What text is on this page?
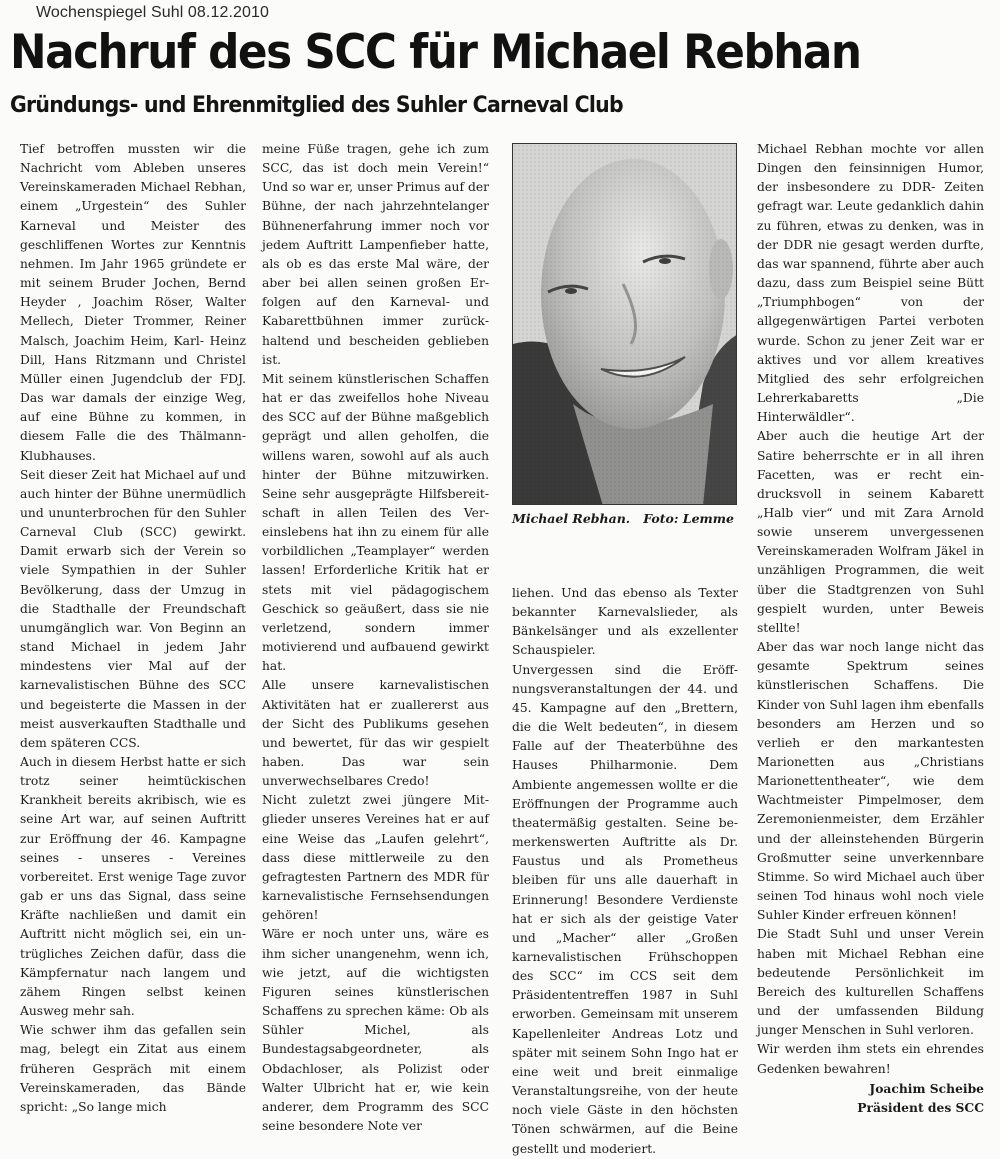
Wochenspiegel Suhl 08.12.2010
Nachruf des SCC für Michael Rebhan
Gründungs- und Ehrenmitglied des Suhler Carneval Club

Tief betroffen mussten wir die Nachricht vom Ableben unseres Vereinskameraden Michael Rebhan, einem „Urgestein“ des Suhler Karneval und Meister des geschliffenen Wortes zur Kenntnis nehmen. Im Jahr 1965 gründete er mit seinem Bruder Jochen, Bernd Heyder , Joachim Röser, Walter Mellech, Dieter Trommer, Reiner Malsch, Joachim Heim, Karl- Heinz Dill, Hans Ritzmann und Christel Müller einen Jugendclub der FDJ. Das war damals der einzige Weg, auf eine Bühne zu kommen, in diesem Falle die des Thälmann- Klubhauses.

Seit dieser Zeit hat Michael auf und auch hinter der Bühne unermüdlich und ununterbrochen für den Suhler Carneval Club (SCC) gewirkt. Damit erwarb sich der Verein so viele Sympathien in der Suhler Bevölkerung, dass der Umzug in die Stadthalle der Freundschaft unumgänglich war. Von Beginn an stand Michael in jedem Jahr mindestens vier Mal auf der karnevalistischen Bühne des SCC und begeisterte die Massen in der meist ausverkauften Stadthalle und dem späteren CCS.

Auch in diesem Herbst hatte er sich trotz seiner heimtückischen Krankheit bereits akribisch, wie es seine Art war, auf seinen Auftritt zur Eröffnung der 46. Kampagne seines - unseres - Vereines vorbereitet. Erst wenige Tage zuvor gab er uns das Signal, dass seine Kräfte nachließen und damit ein Auftritt nicht möglich sei, ein untrügliches Zeichen dafür, dass die Kämpfernatur nach langem und zähem Ringen selbst keinen Ausweg mehr sah.

Wie schwer ihm das gefallen sein mag, belegt ein Zitat aus einem früheren Gespräch mit einem Vereinskameraden, das Bände spricht: „So lange mich

meine Füße tragen, gehe ich zum SCC, das ist doch mein Verein!“ Und so war er, unser Primus auf der Bühne, der nach jahrzehntelanger Bühnenerfahrung immer noch vor jedem Auftritt Lampenfieber hatte, als ob es das erste Mal wäre, der aber bei allen seinen großen Erfolgen auf den Karneval- und Kabarettbühnen immer zurückhaltend und bescheiden geblieben ist.

Mit seinem künstlerischen Schaffen hat er das zweifellos hohe Niveau des SCC auf der Bühne maßgeblich geprägt und allen geholfen, die willens waren, sowohl auf als auch hinter der Bühne mitzuwirken. Seine sehr ausgeprägte Hilfsbereitschaft in allen Teilen des Vereinslebens hat ihn zu einem für alle vorbildlichen „Teamplayer“ werden lassen! Erforderliche Kritik hat er stets mit viel pädagogischem Geschick so geäußert, dass sie nie verletzend, sondern immer motivierend und aufbauend gewirkt hat.

Alle unsere karnevalistischen Aktivitäten hat er zuallererst aus der Sicht des Publikums gesehen und bewertet, für das wir gespielt haben. Das war sein unverwechselbares Credo!

Nicht zuletzt zwei jüngere Mitglieder unseres Vereines hat er auf eine Weise das „Laufen gelehrt“, dass diese mittlerweile zu den gefragtesten Partnern des MDR für karnevalistische Fernsehsendungen gehören!

Wäre er noch unter uns, wäre es ihm sicher unangenehm, wenn ich, wie jetzt, auf die wichtigsten Figuren seines künstlerischen Schaffens zu sprechen käme: Ob als Sühler Michel, als Bundestagsabgeordneter, als Obdachloser, als Polizist oder Walter Ulbricht hat er, wie kein anderer, dem Programm des SCC seine besondere Note ver

Michael Rebhan.   Foto: Lemme

liehen. Und das ebenso als Texter bekannter Karnevalslieder, als Bänkelsänger und als exzellenter Schauspieler.

Unvergessen sind die Eröffnungsveranstaltungen der 44. und 45. Kampagne auf den „Brettern, die die Welt bedeuten“, in diesem Falle auf der Theaterbühne des Hauses Philharmonie. Dem Ambiente angemessen wollte er die Eröffnungen der Programme auch theatermäßig gestalten. Seine bemerkenswerten Auftritte als Dr. Faustus und als Prometheus bleiben für uns alle dauerhaft in Erinnerung! Besondere Verdienste hat er sich als der geistige Vater und „Macher“ aller „Großen karnevalistischen Frühschoppen des SCC“ im CCS seit dem Präsidententreffen 1987 in Suhl erworben. Gemeinsam mit unserem Kapellenleiter Andreas Lotz und später mit seinem Sohn Ingo hat er eine weit und breit einmalige Veranstaltungsreihe, von der heute noch viele Gäste in den höchsten Tönen schwärmen, auf die Beine gestellt und moderiert.

Michael Rebhan mochte vor allen Dingen den feinsinnigen Humor, der insbesondere zu DDR- Zeiten gefragt war. Leute gedanklich dahin zu führen, etwas zu denken, was in der DDR nie gesagt werden durfte, das war spannend, führte aber auch dazu, dass zum Beispiel seine Bütt „Triumphbogen“ von der allgegenwärtigen Partei verboten wurde. Schon zu jener Zeit war er aktives und vor allem kreatives Mitglied des sehr erfolgreichen Lehrerkabaretts „Die Hinterwäldler“.

Aber auch die heutige Art der Satire beherrschte er in all ihren Facetten, was er recht eindrucksvoll in seinem Kabarett „Halb vier“ und mit Zara Arnold sowie unserem unvergessenen Vereinskameraden Wolfram Jäkel in unzähligen Programmen, die weit über die Stadtgrenzen von Suhl gespielt wurden, unter Beweis stellte!

Aber das war noch lange nicht das gesamte Spektrum seines künstlerischen Schaffens. Die Kinder von Suhl lagen ihm ebenfalls besonders am Herzen und so verlieh er den markantesten Marionetten aus „Christians Marionettentheater“, wie dem Wachtmeister Pimpelmoser, dem Zeremonienmeister, dem Erzähler und der alleinstehenden Bürgerin Großmutter seine unverkennbare Stimme. So wird Michael auch über seinen Tod hinaus wohl noch viele Suhler Kinder erfreuen können!

Die Stadt Suhl und unser Verein haben mit Michael Rebhan eine bedeutende Persönlichkeit im Bereich des kulturellen Schaffens und der umfassenden Bildung junger Menschen in Suhl verloren.

Wir werden ihm stets ein ehrendes Gedenken bewahren!

Joachim Scheibe

Präsident des SCC
